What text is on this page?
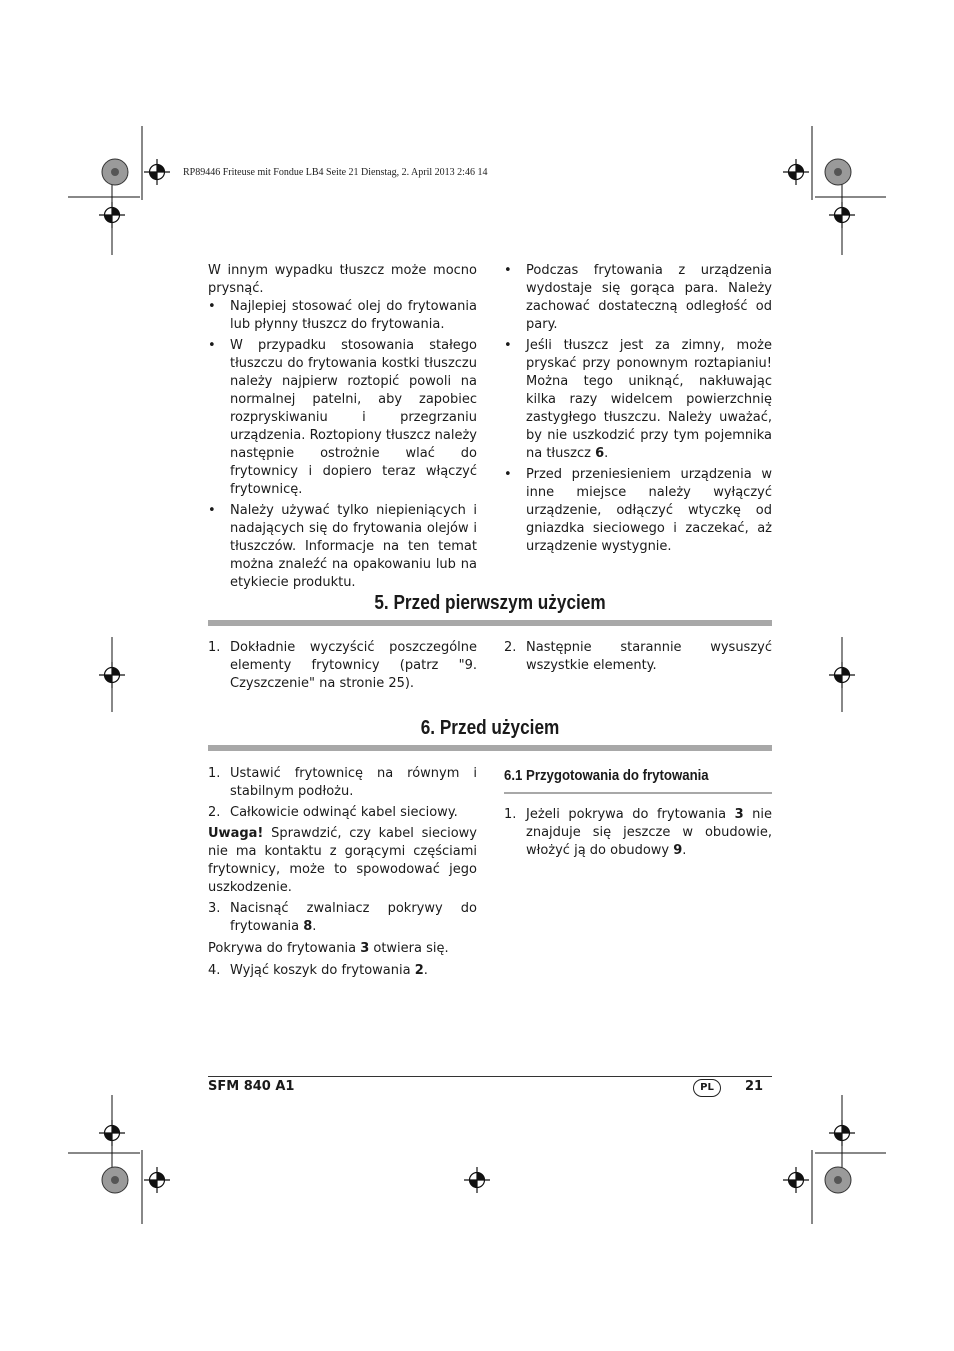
RP89446 Friteuse mit Fondue LB4 Seite 21 Dienstag, 2. April 2013 2:46 14

W innym wypadku tłuszcz może mocno prysnąć.

• Najlepiej stosować olej do frytowania lub płynny tłuszcz do frytowania.
• W przypadku stosowania stałego tłuszczu do frytowania kostki tłuszczu należy najpierw roztopić powoli na normalnej patelni, aby zapobiec rozpryskiwaniu i przegrzaniu urządzenia. Roztopiony tłuszcz należy następnie ostrożnie wlać do frytownicy i dopiero teraz włączyć frytownicę.
• Należy używać tylko niepieniących i nadających się do frytowania olejów i tłuszczów. Informacje na ten temat można znaleźć na opakowaniu lub na etykiecie produktu.
• Podczas frytowania z urządzenia wydostaje się gorąca para. Należy zachować dostateczną odległość od pary.
• Jeśli tłuszcz jest za zimny, może pryskać przy ponownym roztapianiu! Można tego uniknąć, nakłuwając kilka razy widelcem powierzchnię zastygłego tłuszczu. Należy uważać, by nie uszkodzić przy tym pojemnika na tłuszcz 6.
• Przed przeniesieniem urządzenia w inne miejsce należy wyłączyć urządzenie, odłączyć wtyczkę od gniazdka sieciowego i zaczekać, aż urządzenie wystygnie.
5. Przed pierwszym użyciem
1. Dokładnie wyczyścić poszczególne elementy frytownicy (patrz "9. Czyszczenie" na stronie 25).
2. Następnie starannie wysuszyć wszystkie elementy.
6. Przed użyciem
1. Ustawić frytownicę na równym i stabilnym podłożu.
2. Całkowicie odwinąć kabel sieciowy.

Uwaga! Sprawdzić, czy kabel sieciowy nie ma kontaktu z gorącymi częściami frytownicy, może to spowodować jego uszkodzenie.

3. Nacisnąć zwalniacz pokrywy do frytowania 8.

Pokrywa do frytowania 3 otwiera się.

4. Wyjąć koszyk do frytowania 2.
6.1 Przygotowania do frytowania
1. Jeżeli pokrywa do frytowania 3 nie znajduje się jeszcze w obudowie, włożyć ją do obudowy 9.
SFM 840 A1	PL	21
